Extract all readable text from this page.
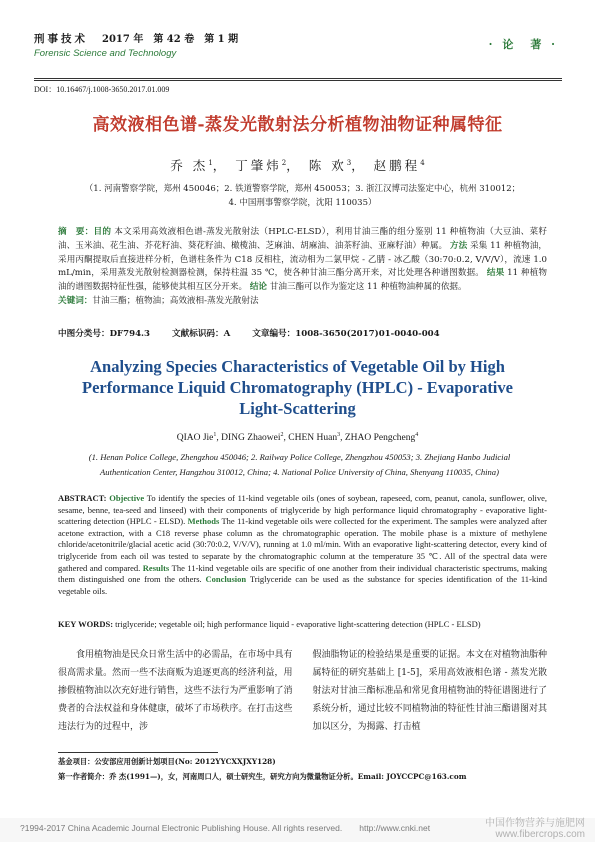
刑事技术 2017 年　第 42 卷　第 1 期
Forensic Science and Technology
· 论　著 ·
DOI：10.16467/j.1008-3650.2017.01.009
高效液相色谱-蒸发光散射法分析植物油物证种属特征
乔 杰$^1$， 丁肇炜$^2$， 陈 欢$^3$， 赵鹏程$^4$
（1. 河南警察学院，郑州 450046；2. 铁道警察学院，郑州 450053；3. 浙江汉博司法鉴定中心，杭州 310012；
4. 中国刑事警察学院，沈阳 110035）
摘　要：目的 本文采用高效液相色谱-蒸发光散射法（HPLC-ELSD），利用甘油三酯的组分鉴别 11 种植物油（大豆油、菜籽油、玉米油、花生油、芥花籽油、葵花籽油、橄榄油、芝麻油、胡麻油、油茶籽油、亚麻籽油）种属。 方法 采集 11 种植物油，采用丙酮提取后直接进样分析，色谱柱条件为 C18 反相柱，流动相为二氯甲烷 - 乙腈 - 冰乙酸（30:70:0.2, V/V/V），流速 1.0 mL/min，采用蒸发光散射检测器检测，保持柱温 35 ℃，使各种甘油三酯分离开来，对比处理各种谱图数据。 结果 11 种植物油的谱图数据特征性强，能够使其相互区分开来。 结论 甘油三酯可以作为鉴定这 11 种植物油种属的依据。
关键词：甘油三酯；植物油；高效液相-蒸发光散射法
中图分类号：DF794.3	文献标识码：A	文章编号：1008-3650(2017)01-0040-004
Analyzing Species Characteristics of Vegetable Oil by High Performance Liquid Chromatography (HPLC) - Evaporative Light-Scattering
QIAO Jie$^1$, DING Zhaowei$^2$, CHEN Huan$^3$, ZHAO Pengcheng$^4$
(1. Henan Police College, Zhengzhou 450046; 2. Railway Police College, Zhengzhou 450053; 3. Zhejiang Hanbo Judicial Authentication Center, Hangzhou 310012, China; 4. National Police University of China, Shenyang 110035, China)
ABSTRACT: Objective To identify the species of 11-kind vegetable oils (ones of soybean, rapeseed, corn, peanut, canola, sunflower, olive, sesame, benne, tea-seed and linseed) with their components of triglyceride by high performance liquid chromatography - evaporative light-scattering detection (HPLC - ELSD). Methods The 11-kind vegetable oils were collected for the experiment. The samples were analyzed after acetone extraction, with a C18 reverse phase column as the chromatographic operation. The mobile phase is a mixture of methylene chloride/acetonitrile/glacial acetic acid (30:70:0.2, V/V/V), running at 1.0 ml/min. With an evaporative light-scattering detector, every kind of triglyceride from each oil was tested to separate by the chromatographic column at the temperature 35 ℃. All of the spectral data were gathered and compared. Results The 11-kind vegetable oils are specific of one another from their individual characteristic spectrums, making them distinguished one from the others. Conclusion Triglyceride can be used as the substance for species identification of the 11-kind vegetable oils.
KEY WORDS: triglyceride; vegetable oil; high performance liquid - evaporative light-scattering detection (HPLC - ELSD)

食用植物油是民众日常生活中的必需品，在市场中具有很高需求量。然而一些不法商贩为追逐更高的经济利益，用掺假植物油以次充好进行销售，这些不法行为严重影响了消费者的合法权益和身体健康，破坏了市场秩序。在打击这些违法行为的过程中，涉

假油脂物证的检验结果是重要的证据。本文在对植物油脂种属特征的研究基础上 [1-5]，采用高效液相色谱 - 蒸发光散射法对甘油三酯标准品和常见食用植物油的特征谱图进行了系统分析，通过比较不同植物油的特征性甘油三酯谱图对其加以区分，为揭露、打击植

基金项目：公安部应用创新计划项目(No: 2012YYCXXJXY128)
第一作者简介：乔 杰(1991—)，女，河南周口人，硕士研究生，研究方向为微量物证分析。Email: JOYCCPC@163.com
?1994-2017 China Academic Journal Electronic Publishing House. All rights reserved.　　http://www.cnki.net	中国作物营养与施肥网
www.fibercrops.com
